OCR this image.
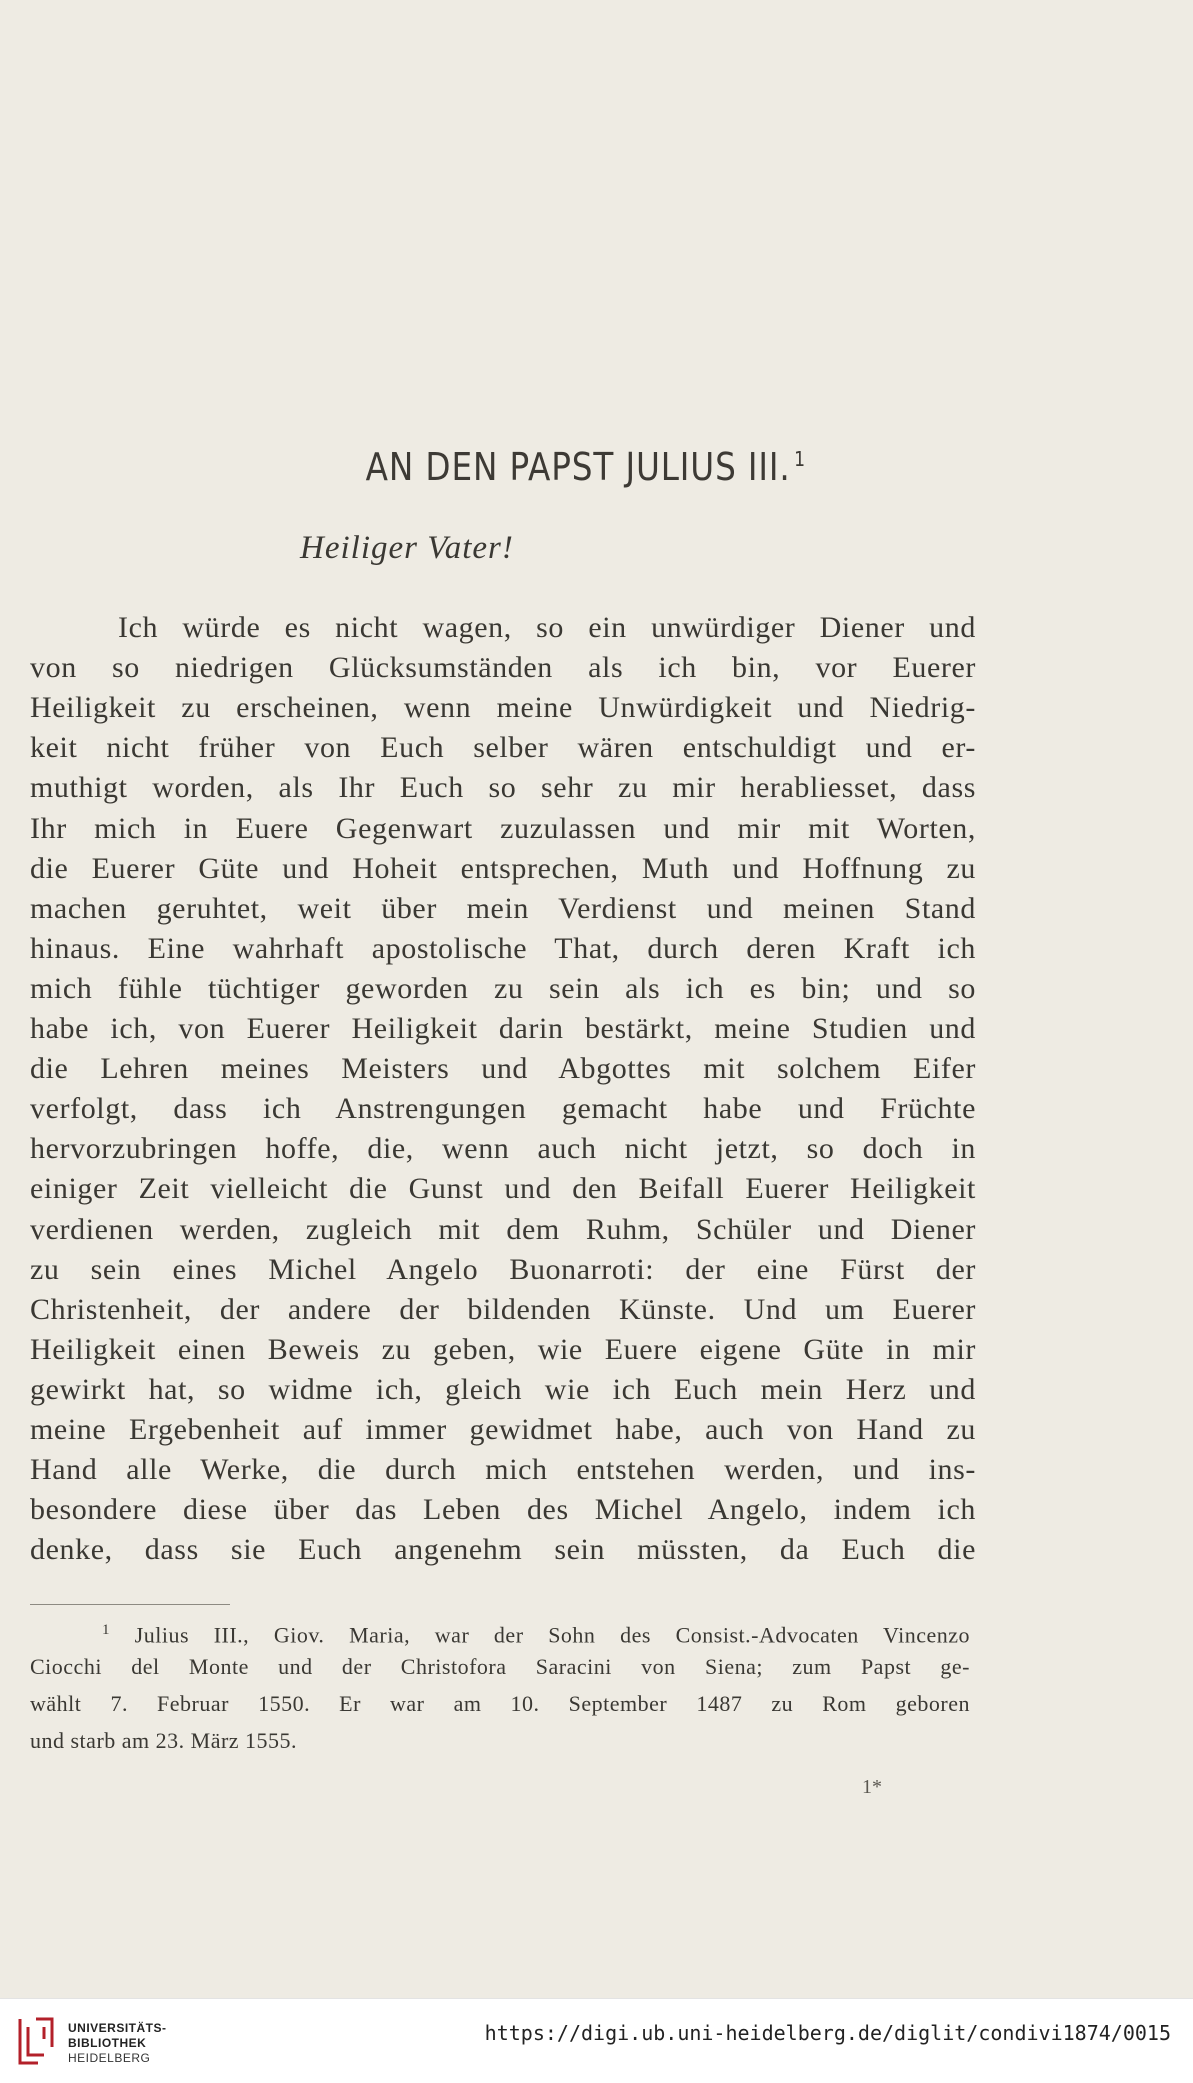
AN DEN PAPST JULIUS III. $^1$
Heiliger Vater!
Ich würde es nicht wagen, so ein unwürdiger Diener und
von so niedrigen Glücksumständen als ich bin, vor Euerer
Heiligkeit zu erscheinen, wenn meine Unwürdigkeit und Niedrig-
keit nicht früher von Euch selber wären entschuldigt und er-
muthigt worden, als Ihr Euch so sehr zu mir herabliesset, dass
Ihr mich in Euere Gegenwart zuzulassen und mir mit Worten,
die Euerer Güte und Hoheit entsprechen, Muth und Hoffnung zu
machen geruhtet, weit über mein Verdienst und meinen Stand
hinaus. Eine wahrhaft apostolische That, durch deren Kraft ich
mich fühle tüchtiger geworden zu sein als ich es bin; und so
habe ich, von Euerer Heiligkeit darin bestärkt, meine Studien und
die Lehren meines Meisters und Abgottes mit solchem Eifer
verfolgt, dass ich Anstrengungen gemacht habe und Früchte
hervorzubringen hoffe, die, wenn auch nicht jetzt, so doch in
einiger Zeit vielleicht die Gunst und den Beifall Euerer Heiligkeit
verdienen werden, zugleich mit dem Ruhm, Schüler und Diener
zu sein eines Michel Angelo Buonarroti: der eine Fürst der
Christenheit, der andere der bildenden Künste. Und um Euerer
Heiligkeit einen Beweis zu geben, wie Euere eigene Güte in mir
gewirkt hat, so widme ich, gleich wie ich Euch mein Herz und
meine Ergebenheit auf immer gewidmet habe, auch von Hand zu
Hand alle Werke, die durch mich entstehen werden, und ins-
besondere diese über das Leben des Michel Angelo, indem ich
denke, dass sie Euch angenehm sein müssten, da Euch die
$^1$ Julius III., Giov. Maria, war der Sohn des Consist.-Advocaten Vincenzo
Ciocchi del Monte und der Christofora Saracini von Siena; zum Papst ge-
wählt 7. Februar 1550. Er war am 10. September 1487 zu Rom geboren
und starb am 23. März 1555.
1*
UNIVERSITÄTS-
BIBLIOTHEK
HEIDELBERG
https://digi.ub.uni-heidelberg.de/diglit/condivi1874/0015
